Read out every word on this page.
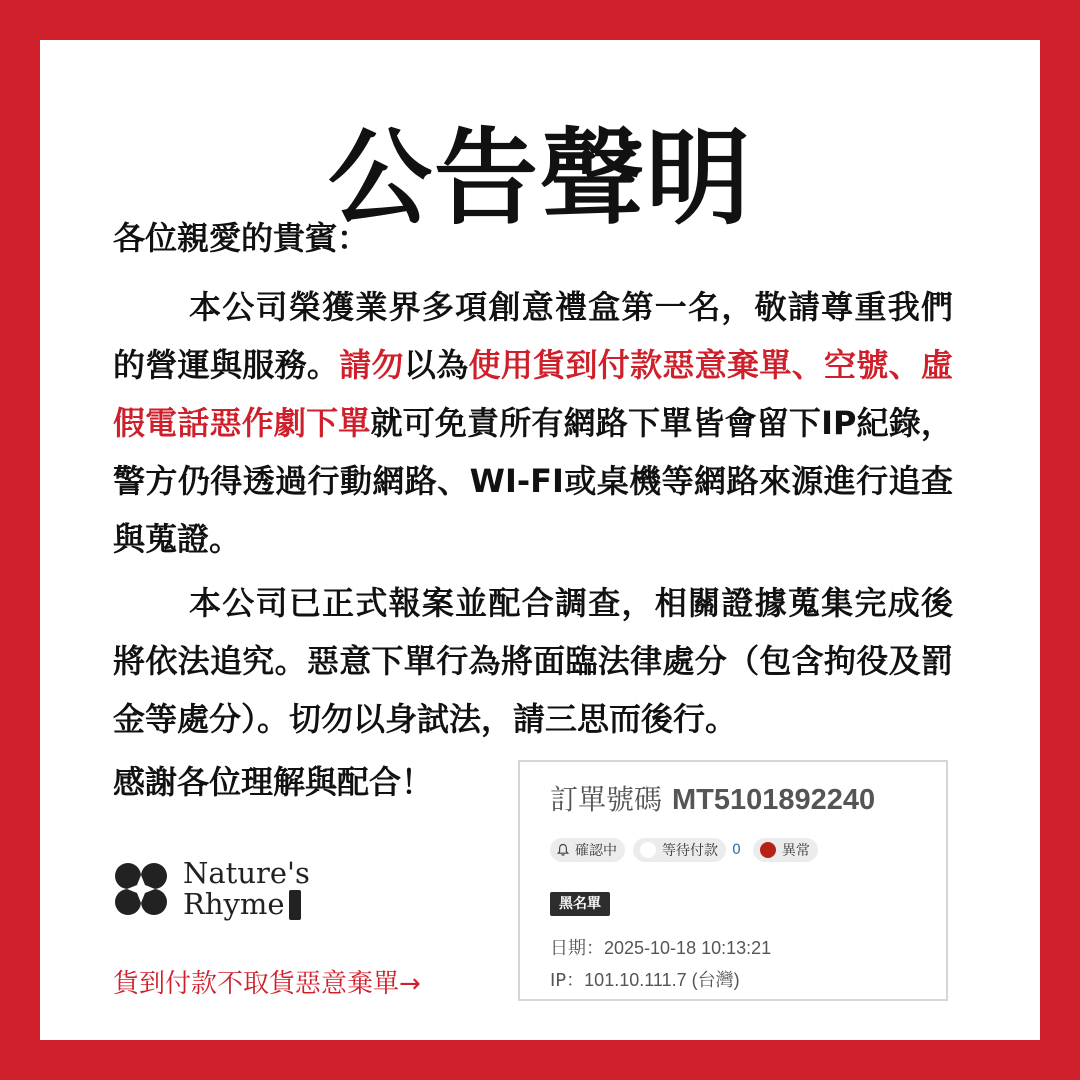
公告聲明
各位親愛的貴賓：
本公司榮獲業界多項創意禮盒第一名，敬請尊重我們的營運與服務。請勿以為使用貨到付款惡意棄單、空號、虛假電話惡作劇下單就可免責所有網路下單皆會留下IP紀錄，警方仍得透過行動網路、WI-FI或桌機等網路來源進行追查與蒐證。
本公司已正式報案並配合調查，相關證據蒐集完成後將依法追究。惡意下單行為將面臨法律處分（包含拘役及罰金等處分）。切勿以身試法，請三思而後行。
感謝各位理解與配合！
Nature's
Rhyme
貨到付款不取貨惡意棄單→
訂單號碼 MT5101892240
確認中	等待付款 0	異常
黑名單
日期：2025-10-18 10:13:21
IP：101.10.111.7 (台灣)
